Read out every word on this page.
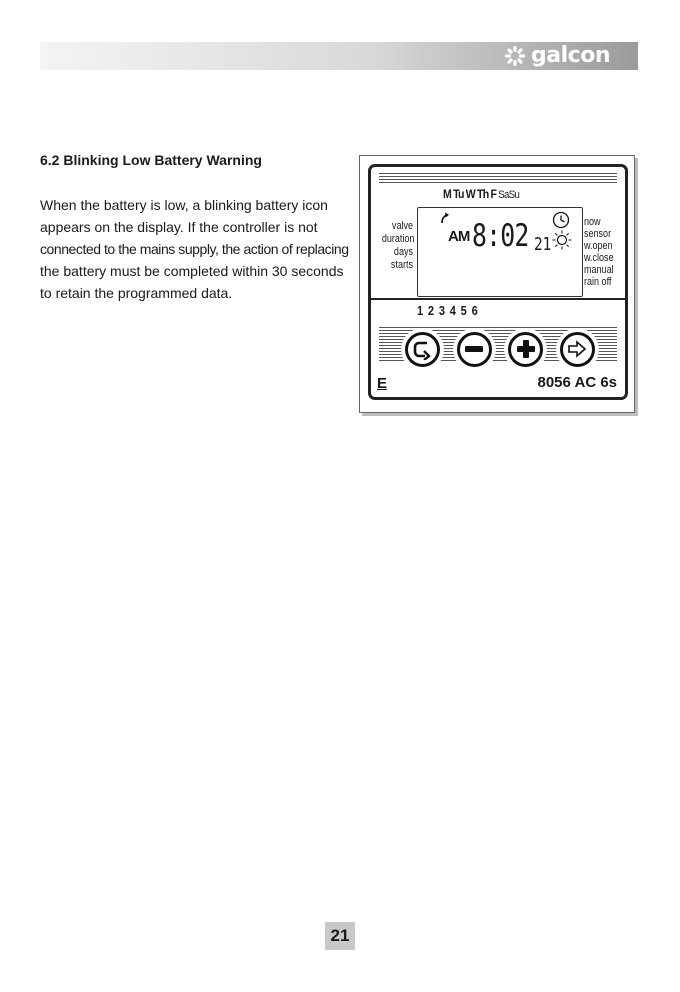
galcon
6.2 Blinking Low Battery Warning
When the battery is low, a blinking battery icon
appears on the display. If the controller is not
connected to the mains supply, the action of replacing
the battery must be completed within 30 seconds
to retain the programmed data.
M Tu W Th F SaSu
valve
duration
days
starts
AM 8:02 21
now
sensor
w.open
w.close
manual
rain off
1 2 3 4 5 6
E	8056 AC 6s
21
